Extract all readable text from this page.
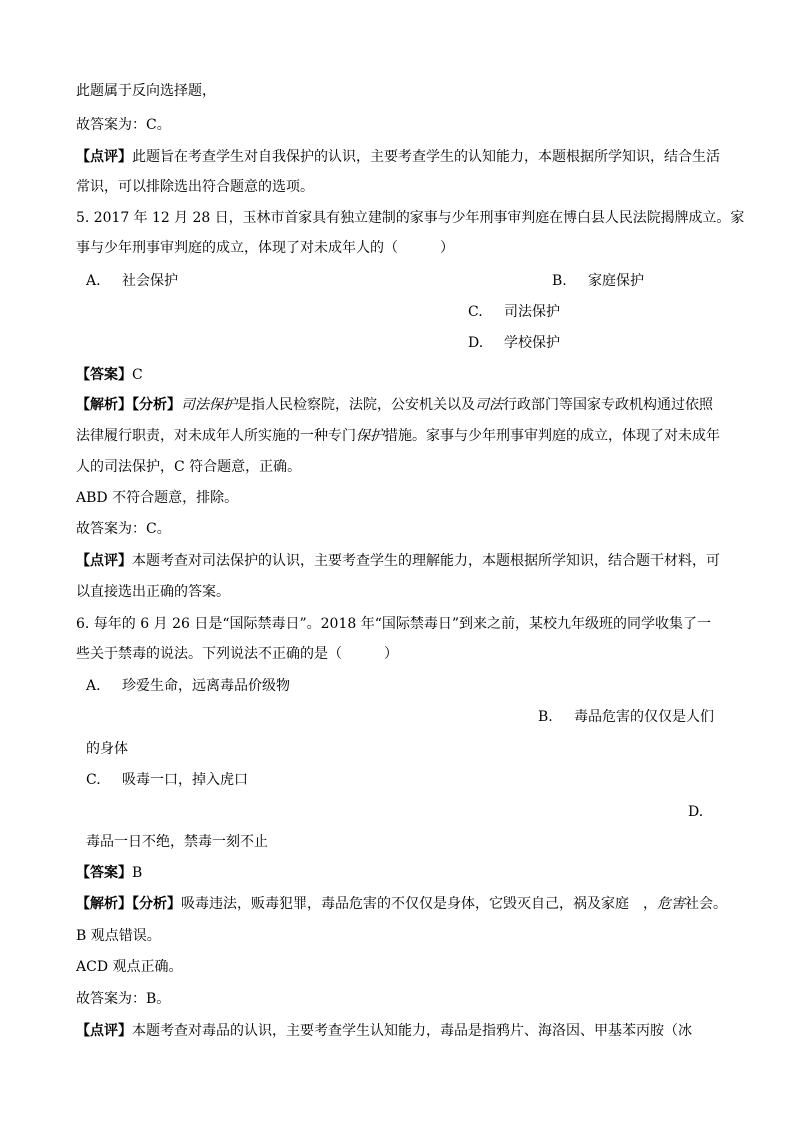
此题属于反向选择题，
故答案为：C。
【点评】此题旨在考查学生对自我保护的认识，主要考查学生的认知能力，本题根据所学知识，结合生活
常识，可以排除选出符合题意的选项。
5. 2017 年 12 月 28 日，玉林市首家具有独立建制的家事与少年刑事审判庭在博白县人民法院揭牌成立。家
事与少年刑事审判庭的成立，体现了对未成年人的（　　　）
A.　 社会保护	B.　 家庭保护
C.　 司法保护
D.　 学校保护
【答案】C
【解析】【分析】司法保护是指人民检察院，法院，公安机关以及司法行政部门等国家专政机构通过依照
法律履行职责，对未成年人所实施的一种专门保护措施。家事与少年刑事审判庭的成立，体现了对未成年
人的司法保护，C 符合题意，正确。
ABD 不符合题意，排除。
故答案为：C。
【点评】本题考查对司法保护的认识，主要考查学生的理解能力，本题根据所学知识，结合题干材料，可
以直接选出正确的答案。
6. 每年的 6 月 26 日是“国际禁毒日”。2018 年“国际禁毒日”到来之前，某校九年级班的同学收集了一
些关于禁毒的说法。下列说法不正确的是（　　　）
A.　 珍爱生命，远离毒品价级物
B.　 毒品危害的仅仅是人们
的身体
C.　 吸毒一口，掉入虎口
D.
毒品一日不绝，禁毒一刻不止
【答案】B
【解析】【分析】吸毒违法，贩毒犯罪，毒品危害的不仅仅是身体，它毁灭自己，祸及家庭　，危害社会。
B 观点错误。
ACD 观点正确。
故答案为：B。
【点评】本题考查对毒品的认识，主要考查学生认知能力，毒品是指鸦片、海洛因、甲基苯丙胺（冰
